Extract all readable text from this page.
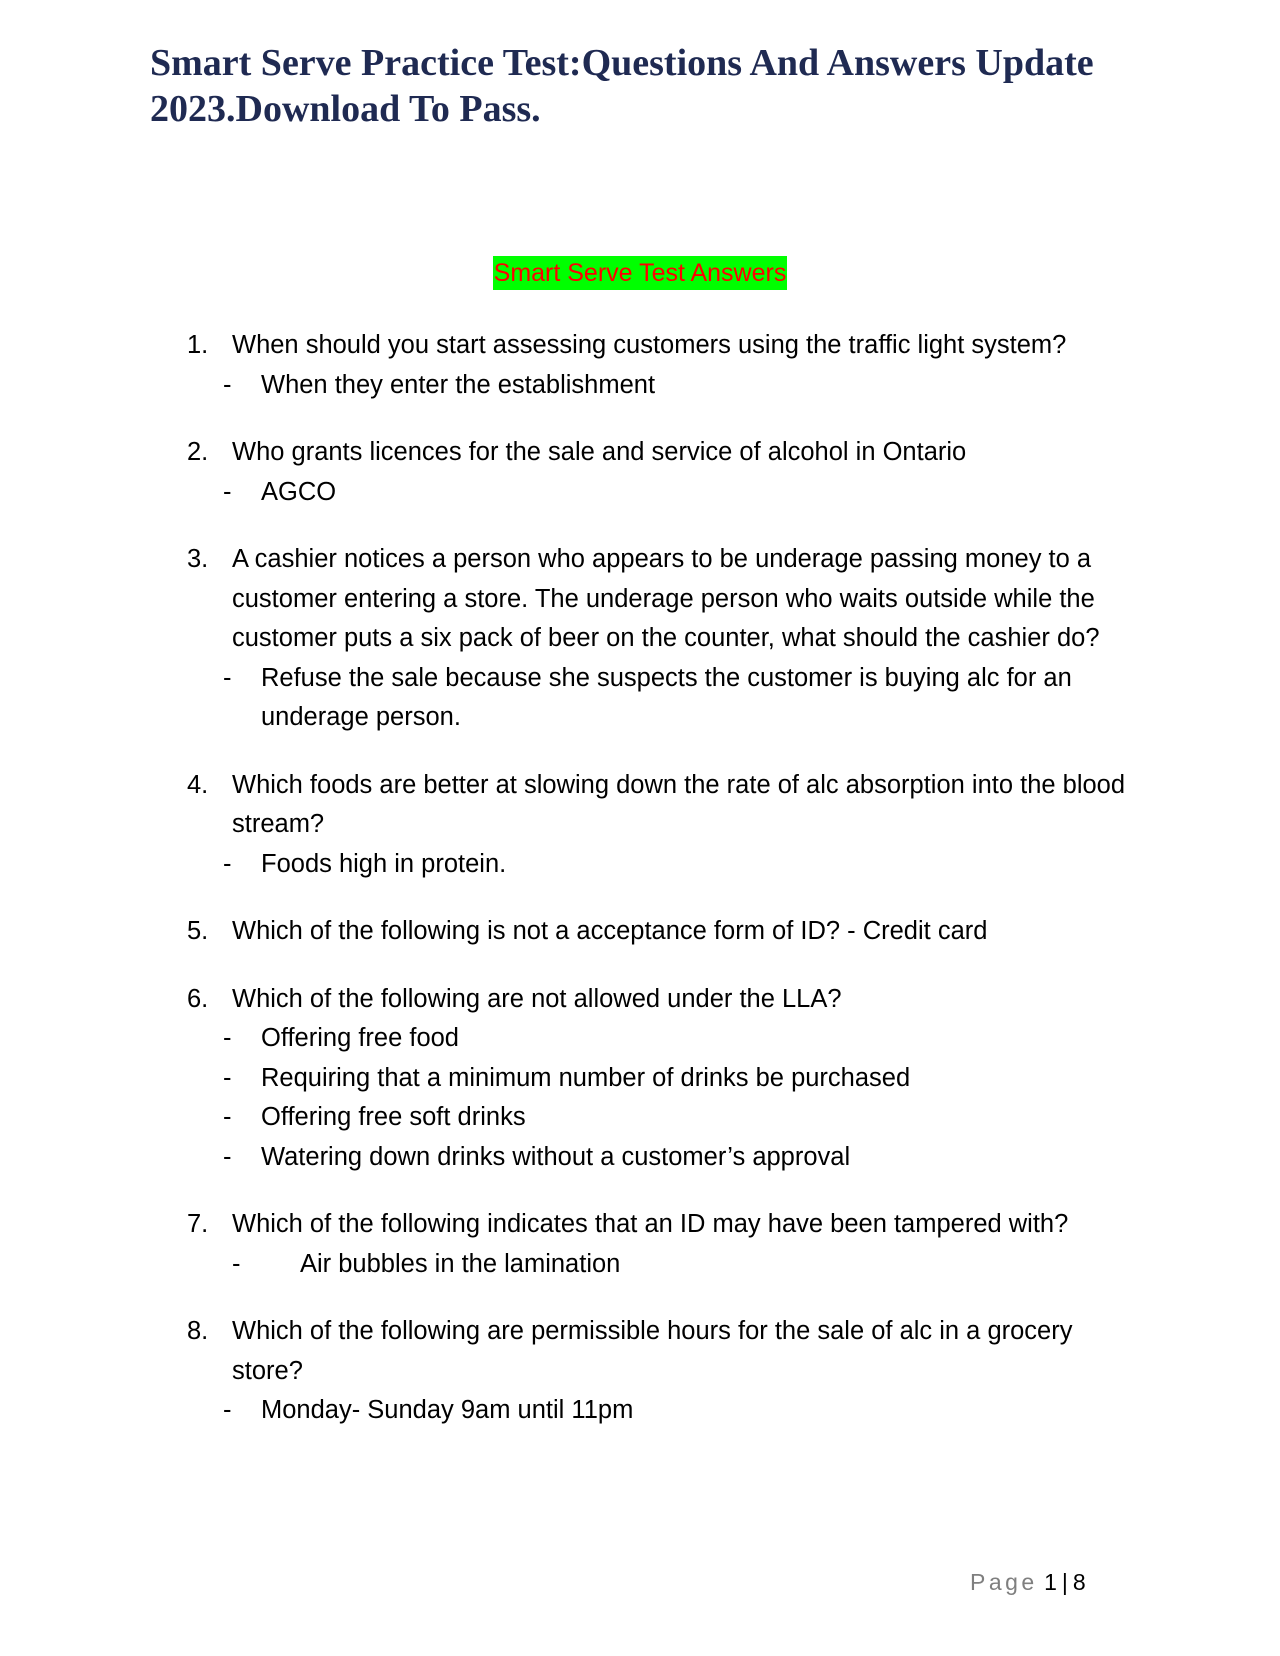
Smart Serve Practice Test:Questions And Answers Update 2023.Download To Pass.
Smart Serve Test Answers
1. When should you start assessing customers using the traffic light system?
- When they enter the establishment
2. Who grants licences for the sale and service of alcohol in Ontario
- AGCO
3. A cashier notices a person who appears to be underage passing money to a customer entering a store. The underage person who waits outside while the customer puts a six pack of beer on the counter, what should the cashier do?
- Refuse the sale because she suspects the customer is buying alc for an underage person.
4. Which foods are better at slowing down the rate of alc absorption into the blood stream?
- Foods high in protein.
5. Which of the following is not a acceptance form of ID? - Credit card
6. Which of the following are not allowed under the LLA?
- Offering free food
- Requiring that a minimum number of drinks be purchased
- Offering free soft drinks
- Watering down drinks without a customer’s approval
7. Which of the following indicates that an ID may have been tampered with?
- Air bubbles in the lamination
8. Which of the following are permissible hours for the sale of alc in a grocery store?
- Monday- Sunday 9am until 11pm
Page 1 | 8
